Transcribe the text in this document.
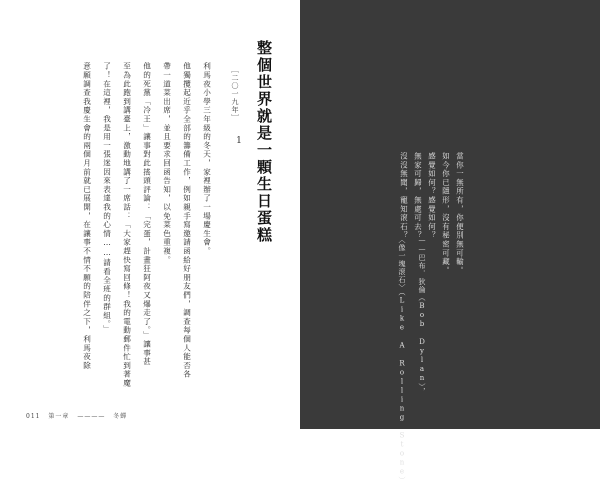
整個世界就是一顆生日蛋糕
［二〇一九年］
1
利馬夜小學三年級的冬天，家裡辦了一場慶生會。
他獨攬起近乎全部的籌備工作，例如親手寫邀請函給好朋友們，調查每個人能否各
帶一道菜出席，並且要求回函告知，以免菜色重複。
他的死黨「冷王」讓事對此搖頭評論：「完蛋，計畫狂阿夜又爆走了。」讓事甚
至為此跑到講臺上，激動地講了一席話：「大家趕快寫回條！我的電動郵件忙到著魔
了！在這裡，我是用一張迷因來表達我的心情……請看全班的群組。」
意願調查我慶生會的兩個月前就已展開，在讓事不情不願的陪伴之下，利馬夜除
011 第一章 ———— 冬蟬
當你一無所有，你便別無可輸。
如今你已隱形，沒有秘密可藏。
感覺如何？感覺如何？
無家可歸，無處可去？
沒沒無聞，寵知滾石？
——巴布．狄倫（Bob Dylan），
〈像一塊滾石〉（Like A Rolling Stone）
